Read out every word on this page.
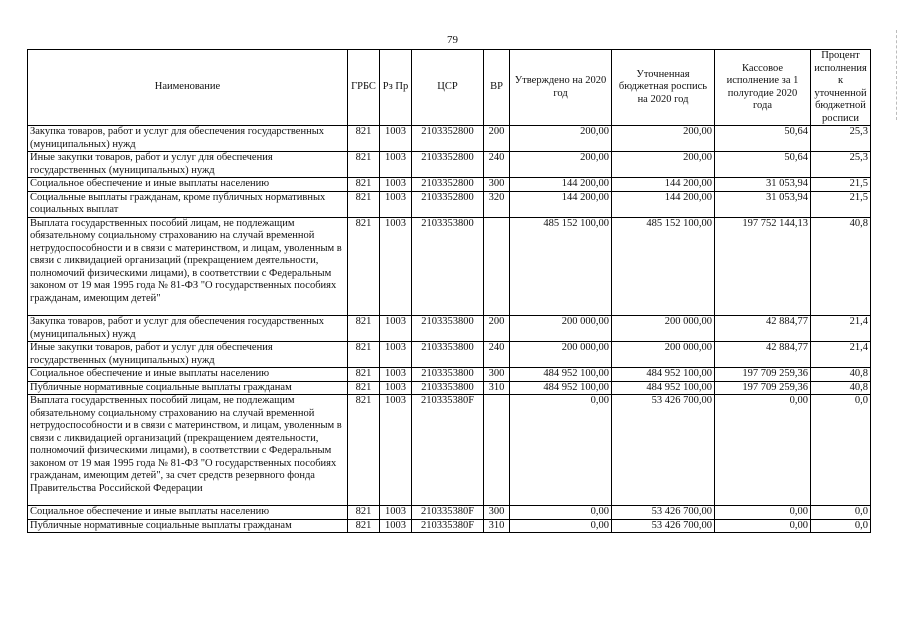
79
Наименование	ГРБС	Рз Пр	ЦСР	ВР	Утверждено на 2020 год	Уточненная бюджетная роспись на 2020 год	Кассовое исполнение за 1 полугодие 2020 года	Процент исполнения к уточненной бюджетной росписи
Закупка товаров, работ и услуг для обеспечения государственных (муниципальных) нужд	821	1003	2103352800	200	200,00	200,00	50,64	25,3
Иные закупки товаров, работ и услуг для обеспечения государственных (муниципальных) нужд	821	1003	2103352800	240	200,00	200,00	50,64	25,3
Социальное обеспечение и иные выплаты населению	821	1003	2103352800	300	144 200,00	144 200,00	31 053,94	21,5
Социальные выплаты гражданам, кроме публичных нормативных социальных выплат	821	1003	2103352800	320	144 200,00	144 200,00	31 053,94	21,5
Выплата государственных пособий лицам, не подлежащим обязательному социальному страхованию на случай временной нетрудоспособности и в связи с материнством, и лицам, уволенным в связи с ликвидацией организаций (прекращением деятельности, полномочий физическими лицами), в соответствии с Федеральным законом от 19 мая 1995 года № 81-ФЗ "О государственных пособиях гражданам, имеющим детей"	821	1003	2103353800		485 152 100,00	485 152 100,00	197 752 144,13	40,8
Закупка товаров, работ и услуг для обеспечения государственных (муниципальных) нужд	821	1003	2103353800	200	200 000,00	200 000,00	42 884,77	21,4
Иные закупки товаров, работ и услуг для обеспечения государственных (муниципальных) нужд	821	1003	2103353800	240	200 000,00	200 000,00	42 884,77	21,4
Социальное обеспечение и иные выплаты населению	821	1003	2103353800	300	484 952 100,00	484 952 100,00	197 709 259,36	40,8
Публичные нормативные социальные выплаты гражданам	821	1003	2103353800	310	484 952 100,00	484 952 100,00	197 709 259,36	40,8
Выплата государственных пособий лицам, не подлежащим обязательному социальному страхованию на случай временной нетрудоспособности и в связи с материнством, и лицам, уволенным в связи с ликвидацией организаций (прекращением деятельности, полномочий физическими лицами), в соответствии с Федеральным законом от 19 мая 1995 года № 81-ФЗ "О государственных пособиях гражданам, имеющим детей", за счет средств резервного фонда Правительства Российской Федерации	821	1003	210335380F		0,00	53 426 700,00	0,00	0,0
Социальное обеспечение и иные выплаты населению	821	1003	210335380F	300	0,00	53 426 700,00	0,00	0,0
Публичные нормативные социальные выплаты гражданам	821	1003	210335380F	310	0,00	53 426 700,00	0,00	0,0
